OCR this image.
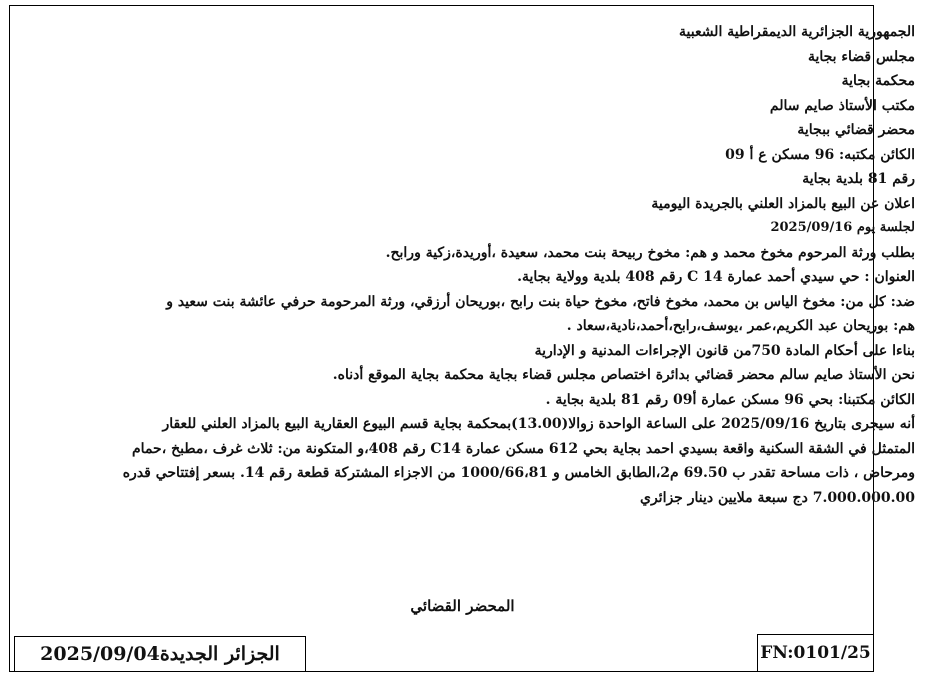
الجمهورية الجزائرية الديمقراطية الشعبية
مجلس قضاء بجاية
محكمة بجاية
مكتب الأستاذ صايم سالم
محضر قضائي ببجاية
الكائن مكتبه: 96 مسكن ع أ 09
رقم 81 بلدية بجاية
اعلان عن البيع بالمزاد العلني بالجريدة اليومية
لجلسة يوم 2025/09/16
بطلب ورثة المرحوم مخوخ محمد و هم: مخوخ ربيحة بنت محمد، سعيدة ،أوريدة،زكية ورابح.
العنوان : حي سيدي أحمد عمارة C 14 رقم 408 بلدية وولاية بجاية.
ضد: كل من: مخوخ الياس بن محمد، مخوخ فاتح، مخوخ حياة بنت رابح ،بوريحان أرزقي، ورثة المرحومة حرفي عائشة بنت سعيد و
هم: بوريحان عبد الكريم،عمر ،يوسف،رابح،أحمد،نادية،سعاد .
بناءا على أحكام المادة 750من قانون الإجراءات المدنية و الإدارية
نحن الأستاذ صايم سالم محضر قضائي بدائرة اختصاص مجلس قضاء بجاية محكمة بجاية الموقع أدناه.
الكائن مكتبنا: بحي 96 مسكن عمارة أ09 رقم 81 بلدية بجاية .
أنه سيجرى بتاريخ 2025/09/16 على الساعة الواحدة زوالا(13.00)بمحكمة بجاية قسم البيوع العقارية البيع بالمزاد العلني للعقار
المتمثل في الشقة السكنية واقعة بسيدي احمد بجاية بحي 612 مسكن عمارة C14 رقم 408،و المتكونة من: ثلاث غرف ،مطبخ ،حمام
ومرحاض ، ذات مساحة تقدر ب 69.50 م2،الطابق الخامس و 1000/66،81 من الاجزاء المشتركة قطعة رقم 14. بسعر إفتتاحي قدره
7.000.000.00 دج سبعة ملايين دينار جزائري
المحضر القضائي
الجزائر الجديدة2025/09/04	FN:0101/25
